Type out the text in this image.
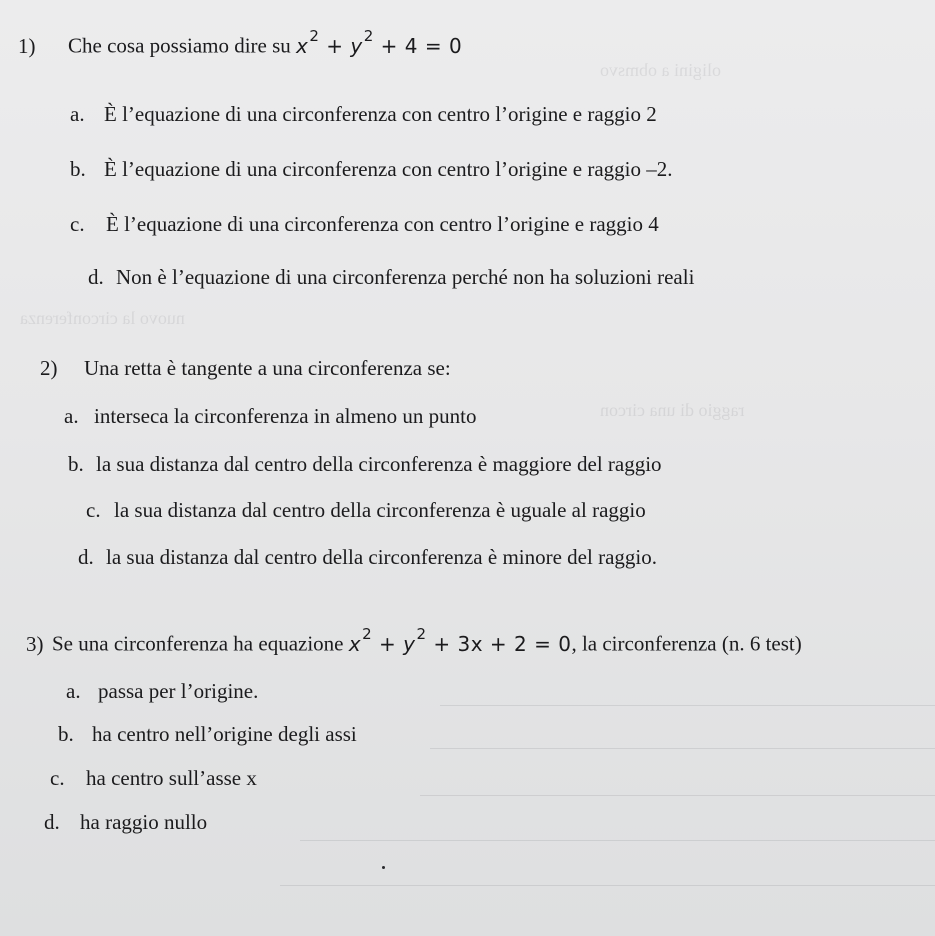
oligini a obmsvo
nuovo la circonferenza
raggio di una circon
1) Che cosa possiamo dire su $x^2 + y^2 + 4 = 0$
a. È l’equazione di una circonferenza con centro l’origine e raggio 2
b. È l’equazione di una circonferenza con centro l’origine e raggio –2.
c. È l’equazione di una circonferenza con centro l’origine e raggio 4
d. Non è l’equazione di una circonferenza perché non ha soluzioni reali
2) Una retta è tangente a una circonferenza se:
a. interseca la circonferenza in almeno un punto
b. la sua distanza dal centro della circonferenza è maggiore del raggio
c. la sua distanza dal centro della circonferenza è uguale al raggio
d. la sua distanza dal centro della circonferenza è minore del raggio.
3) Se una circonferenza ha equazione $x^2 + y^2 + 3x + 2 = 0$, la circonferenza (n. 6 test)
a. passa per l’origine.
b. ha centro nell’origine degli assi
c. ha centro sull’asse x
d. ha raggio nullo
